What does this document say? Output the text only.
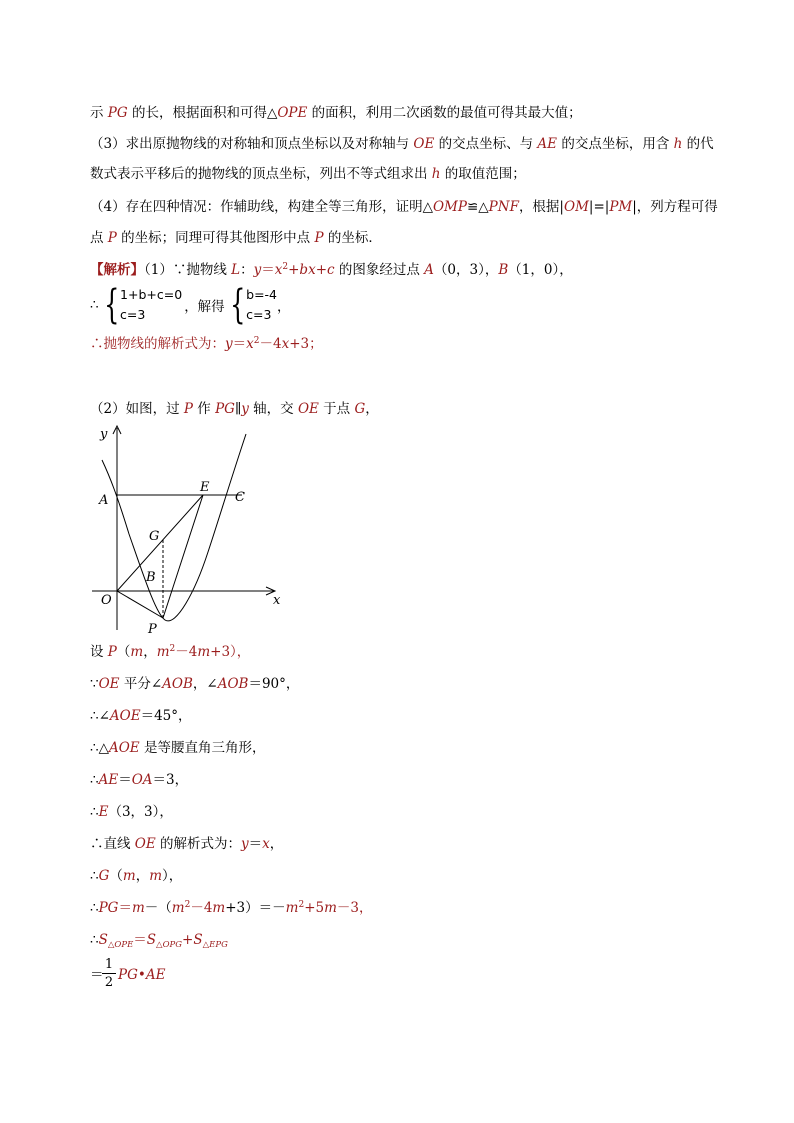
示 PG 的长，根据面积和可得△OPE 的面积，利用二次函数的最值可得其最大值；
（3）求出原抛物线的对称轴和顶点坐标以及对称轴与 OE 的交点坐标、与 AE 的交点坐标，用含 h 的代
数式表示平移后的抛物线的顶点坐标，列出不等式组求出 h 的取值范围；
（4）存在四种情况：作辅助线，构建全等三角形，证明△OMP≌△PNF，根据|OM|=|PM|，列方程可得
点 P 的坐标；同理可得其他图形中点 P 的坐标．
【解析】（1）∵抛物线 L：$y=x^2+bx+c$ 的图象经过点 A（0，3），B（1，0），
∴ { 1+b+c=0
c=3	，解得 { b=-4
c=3 ，
∴抛物线的解析式为：$y=x^2-4x+3$；
（2）如图，过 P 作 PG∥y 轴，交 OE 于点 G，
y
x
A
E
C
G
B
O
P
设 P（m，$m^2-4m+3$），
∵OE 平分∠AOB，∠AOB＝90°，
∴∠AOE＝45°，
∴△AOE 是等腰直角三角形，
∴AE＝OA＝3，
∴E（3，3），
∴直线 OE 的解析式为：y＝x，
∴G（m，m），
$\therefore PG=m-(m^2-4m+3)=-m^2+5m-3$，
$\therefore S_{\triangle OPE}=S_{\triangle OPG}+S_{\triangle EPG}$
＝
1
2 PG•AE
